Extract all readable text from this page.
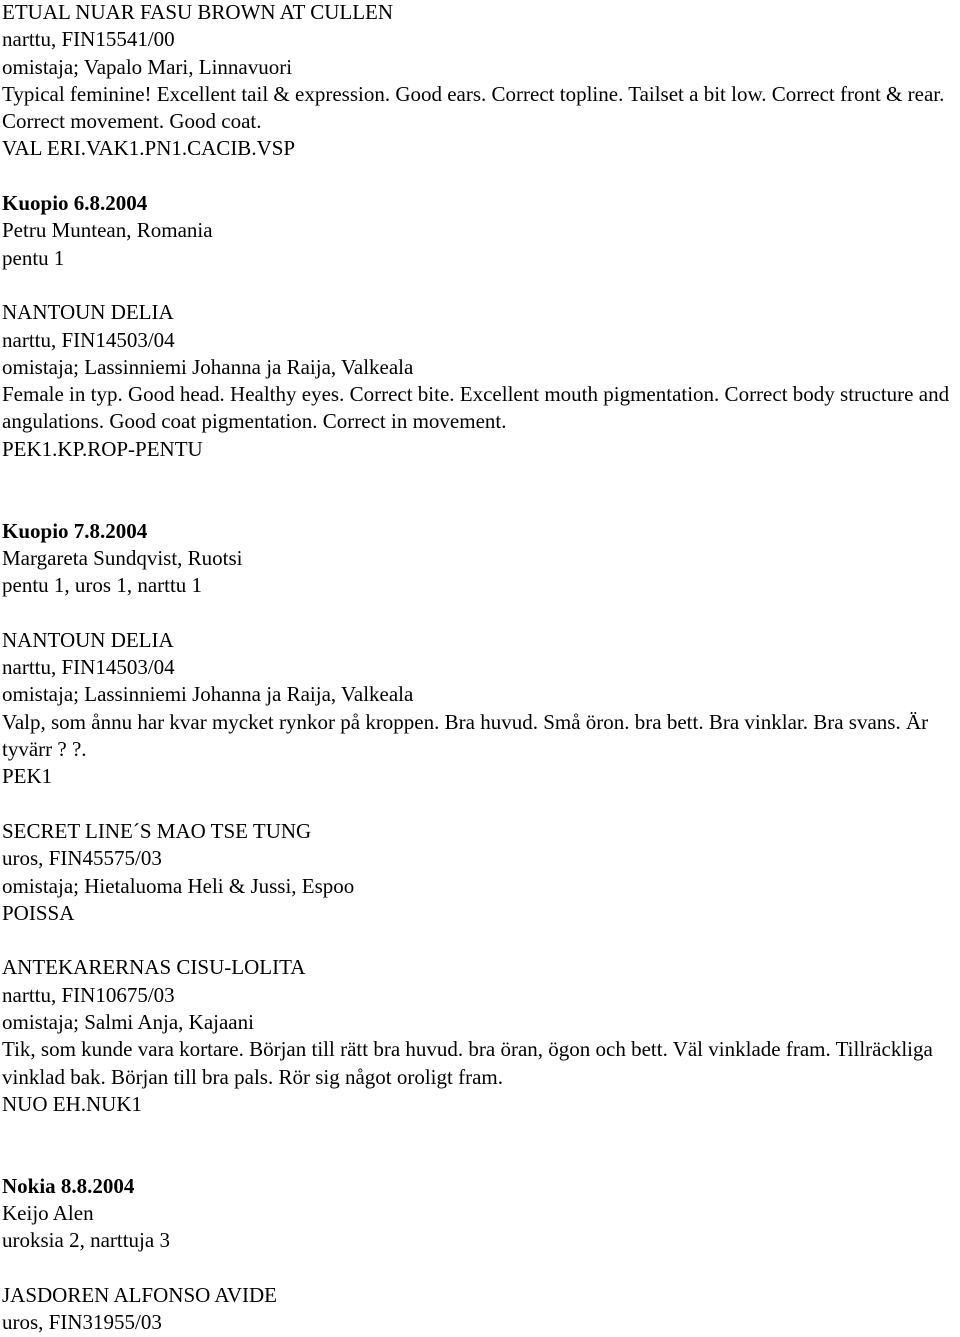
ETUAL NUAR FASU BROWN AT CULLEN
narttu, FIN15541/00
omistaja; Vapalo Mari, Linnavuori
Typical feminine! Excellent tail & expression. Good ears. Correct topline. Tailset a bit low. Correct front & rear. Correct movement. Good coat.
VAL ERI.VAK1.PN1.CACIB.VSP
Kuopio 6.8.2004
Petru Muntean, Romania
pentu 1
NANTOUN DELIA
narttu, FIN14503/04
omistaja; Lassinniemi Johanna ja Raija, Valkeala
Female in typ. Good head. Healthy eyes. Correct bite. Excellent mouth pigmentation. Correct body structure and angulations. Good coat pigmentation. Correct in movement.
PEK1.KP.ROP-PENTU
Kuopio 7.8.2004
Margareta Sundqvist, Ruotsi
pentu 1, uros 1, narttu 1
NANTOUN DELIA
narttu, FIN14503/04
omistaja; Lassinniemi Johanna ja Raija, Valkeala
Valp, som ånnu har kvar mycket rynkor på kroppen. Bra huvud. Små öron. bra bett. Bra vinklar. Bra svans. Är tyvärr ? ?.
PEK1
SECRET LINE´S MAO TSE TUNG
uros, FIN45575/03
omistaja; Hietaluoma Heli & Jussi, Espoo
POISSA
ANTEKARERNAS CISU-LOLITA
narttu, FIN10675/03
omistaja; Salmi Anja, Kajaani
Tik, som kunde vara kortare. Början till rätt bra huvud. bra öran, ögon och bett. Väl vinklade fram. Tillräckliga vinklad bak. Början till bra pals. Rör sig något oroligt fram.
NUO EH.NUK1
Nokia 8.8.2004
Keijo Alen
uroksia 2, narttuja 3
JASDOREN ALFONSO AVIDE
uros, FIN31955/03
